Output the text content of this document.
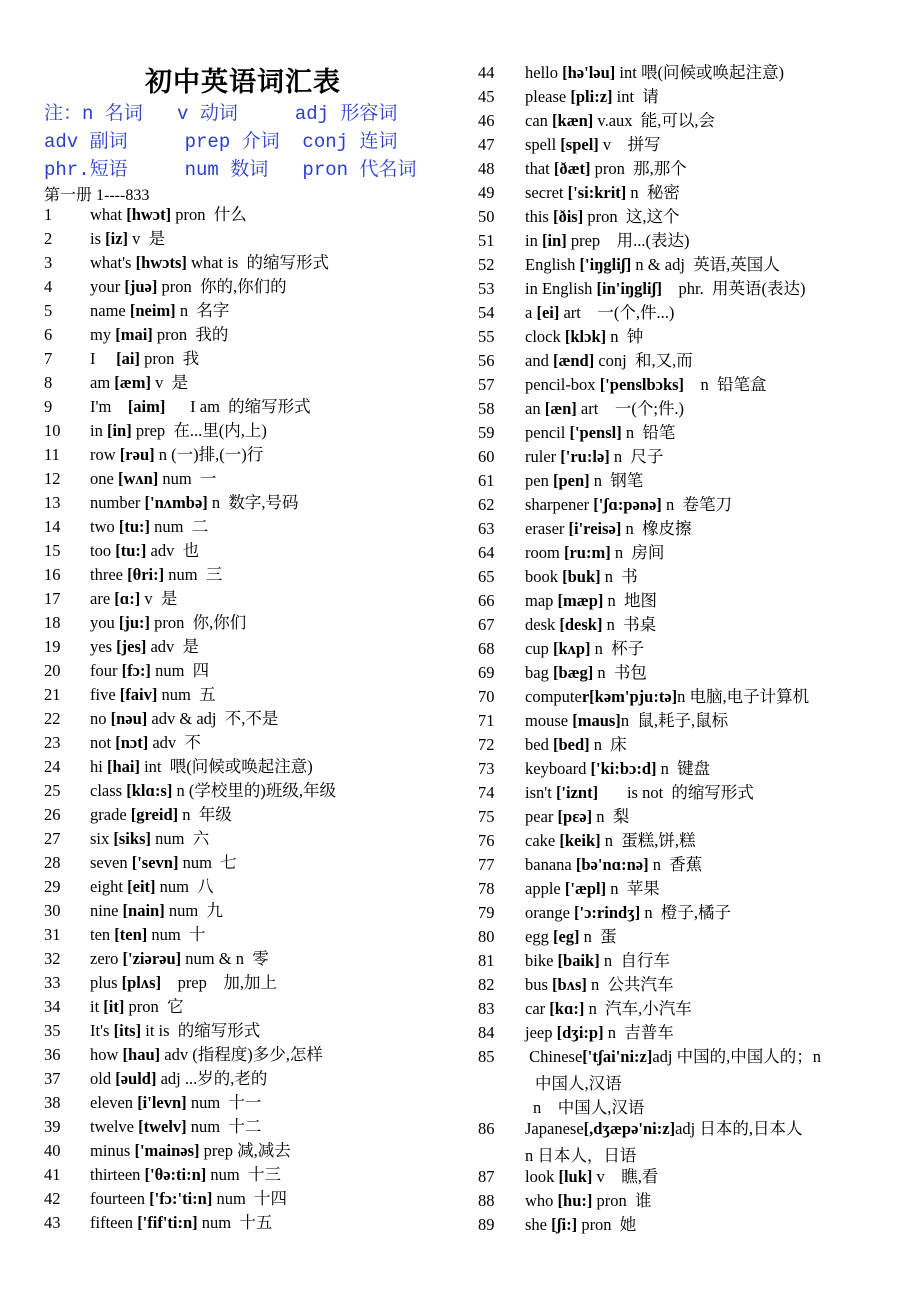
初中英语词汇表
注：n 名词   v 动词     adj 形容词
adv 副词     prep 介词  conj 连词
phr.短语     num 数词   pron 代名词
第一册 1----833
1 what [hwɔt] pron  什么
2 is [iz] v  是
3 what's [hwɔts] what is  的缩写形式
4 your [juə] pron  你的,你们的
5 name [neim] n  名字
6 my [mai] pron  我的
7 I     [ai] pron  我
8 am [æm] v  是
9 I'm    [aim]      I am  的缩写形式
10 in [in] prep  在...里(内,上)
11 row [rəu] n (一)排,(一)行
12 one [wʌn] num  一
13 number ['nʌmbə] n  数字,号码
14 two [tu:] num  二
15 too [tu:] adv  也
16 three [θri:] num  三
17 are [ɑ:] v  是
18 you [ju:] pron  你,你们
19 yes [jes] adv  是
20 four [fɔ:] num  四
21 five [faiv] num  五
22 no [nəu] adv & adj  不,不是
23 not [nɔt] adv  不
24 hi [hai] int  喂(问候或唤起注意)
25 class [klɑ:s] n (学校里的)班级,年级
26 grade [greid] n  年级
27 six [siks] num  六
28 seven ['sevn] num  七
29 eight [eit] num  八
30 nine [nain] num  九
31 ten [ten] num  十
32 zero ['ziərəu] num & n  零
33 plus [plʌs]    prep    加,加上
34 it [it] pron  它
35 It's [its] it is  的缩写形式
36 how [hau] adv (指程度)多少,怎样
37 old [əuld] adj ...岁的,老的
38 eleven [i'levn] num  十一
39 twelve [twelv] num  十二
40 minus ['mainəs] prep 减,减去
41 thirteen ['θə:ti:n] num  十三
42 fourteen ['fɔ:'ti:n] num  十四
43 fifteen ['fif'ti:n] num  十五
44 hello [hə'ləu] int 喂(问候或唤起注意)
45 please [pli:z] int  请
46 can [kæn] v.aux  能,可以,会
47 spell [spel] v    拼写
48 that [ðæt] pron  那,那个
49 secret ['si:krit] n  秘密
50 this [ðis] pron  这,这个
51 in [in] prep    用...(表达)
52 English ['iŋgliʃ] n & adj  英语,英国人
53 in English [in'iŋgliʃ]    phr.  用英语(表达)
54 a [ei] art    一(个,件...)
55 clock [klɔk] n  钟
56 and [ænd] conj  和,又,而
57 pencil-box ['penslbɔks]    n  铅笔盒
58 an [æn] art    一(个;件.)
59 pencil ['pensl] n  铅笔
60 ruler ['ru:lə] n  尺子
61 pen [pen] n  钢笔
62 sharpener ['ʃɑ:pənə] n  卷笔刀
63 eraser [i'reisə] n  橡皮擦
64 room [ru:m] n  房间
65 book [buk] n  书
66 map [mæp] n  地图
67 desk [desk] n  书桌
68 cup [kʌp] n  杯子
69 bag [bæg] n  书包
70 computer[kəm'pju:tə]n 电脑,电子计算机
71 mouse [maus]n  鼠,耗子,鼠标
72 bed [bed] n  床
73 keyboard ['ki:bɔ:d] n  键盘
74 isn't ['iznt]       is not  的缩写形式
75 pear [pεə] n  梨
76 cake [keik] n  蛋糕,饼,糕
77 banana [bə'nɑ:nə] n  香蕉
78 apple ['æpl] n  苹果
79 orange ['ɔ:rindʒ] n  橙子,橘子
80 egg [eg] n  蛋
81 bike [baik] n  自行车
82 bus [bʌs] n  公共汽车
83 car [kɑ:] n  汽车,小汽车
84 jeep [dʒi:p] n  吉普车
85 Chinese['tʃai'ni:z]adj 中国的,中国人的；n
86 Japanese[,dʒæpə'ni:z]adj 日本的,日本人
87 look [luk] v    瞧,看
88 who [hu:] pron  谁
89 she [ʃi:] pron  她
中国人,汉语
n    中国人,汉语
n 日本人，日语
